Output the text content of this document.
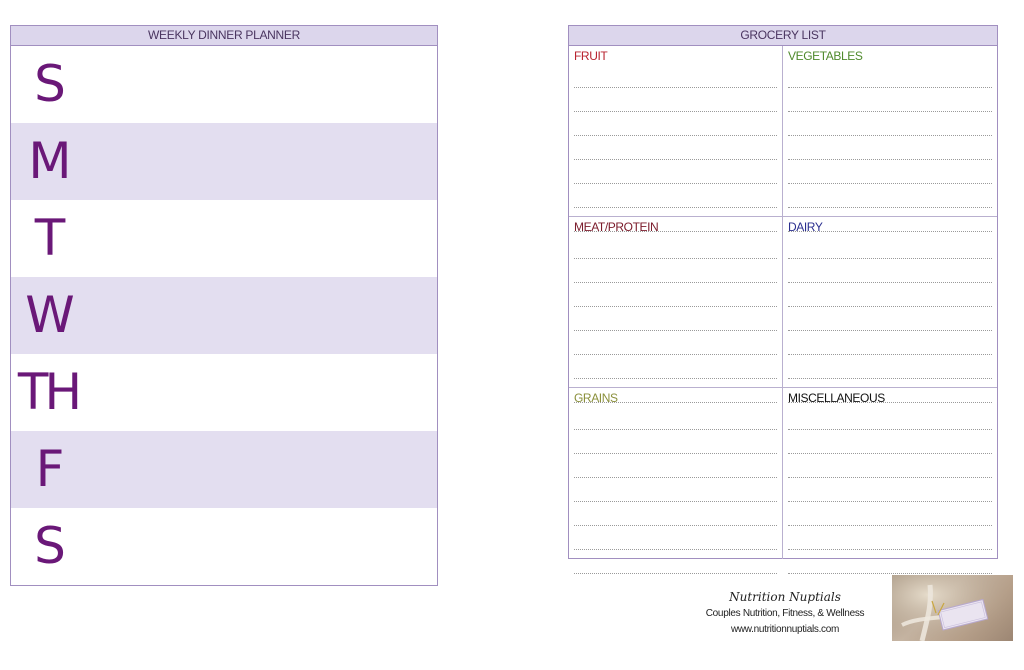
WEEKLY DINNER PLANNER
S
M
T
W
TH
F
S
GROCERY LIST
FRUIT	VEGETABLES
MEAT/PROTEIN	DAIRY
GRAINS	MISCELLANEOUS
Nutrition Nuptials
Couples Nutrition, Fitness, & Wellness
www.nutritionnuptials.com
